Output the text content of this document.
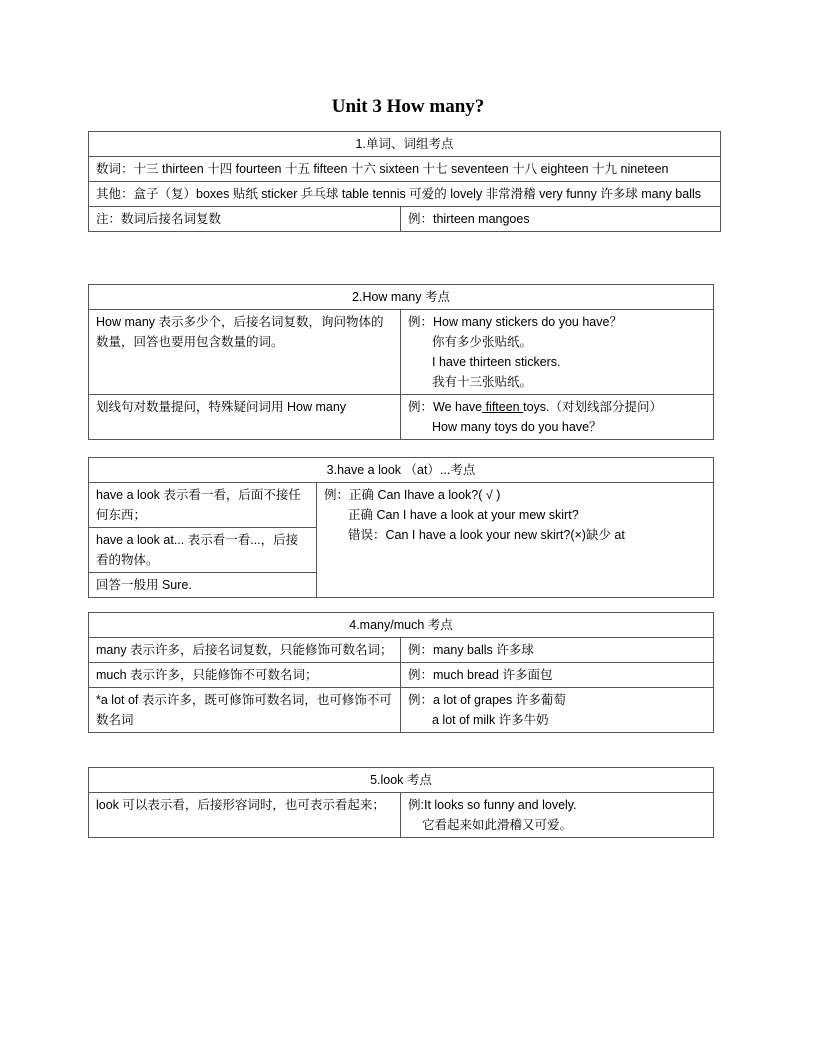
Unit 3 How many?
1.单词、词组考点
数词：十三 thirteen 十四 fourteen 十五 fifteen 十六 sixteen 十七 seventeen 十八 eighteen 十九 nineteen
其他：盒子（复）boxes 贴纸 sticker 乒乓球 table tennis 可爱的 lovely 非常滑稽 very funny 许多球 many balls
注：数词后接名词复数	例：thirteen mangoes
2.How many 考点	
How many 表示多少个，后接名词复数，询问物体的数量，回答也要用包含数量的词。	例：How many stickers do you have？
你有多少张贴纸。
I have thirteen stickers.
我有十三张贴纸。

划线句对数量提问，特殊疑问词用 How many	例：We have fifteen toys.（对划线部分提问）
How many toys do you have？
3.have a look （at）...考点
have a look 表示看一看，后面不接任何东西；	
例：正确 Can Ihave a look?( √ )
正确 Can I have a look at your mew skirt?
错误：Can I have a look your new skirt?(×)缺少 at

have a look at... 表示看一看...，后接看的物体。
回答一般用 Sure.
4.many/much 考点	
many 表示许多，后接名词复数，只能修饰可数名词；	例：many balls 许多球
much 表示许多，只能修饰不可数名词；	例：much bread 许多面包
*a lot of 表示许多，既可修饰可数名词，也可修饰不可数名词	例：a lot of grapes 许多葡萄
a lot of milk 许多牛奶
5.look 考点
look 可以表示看，后接形容词时，也可表示看起来；	例:It looks so funny and lovely.
它看起来如此滑稽又可爱。
